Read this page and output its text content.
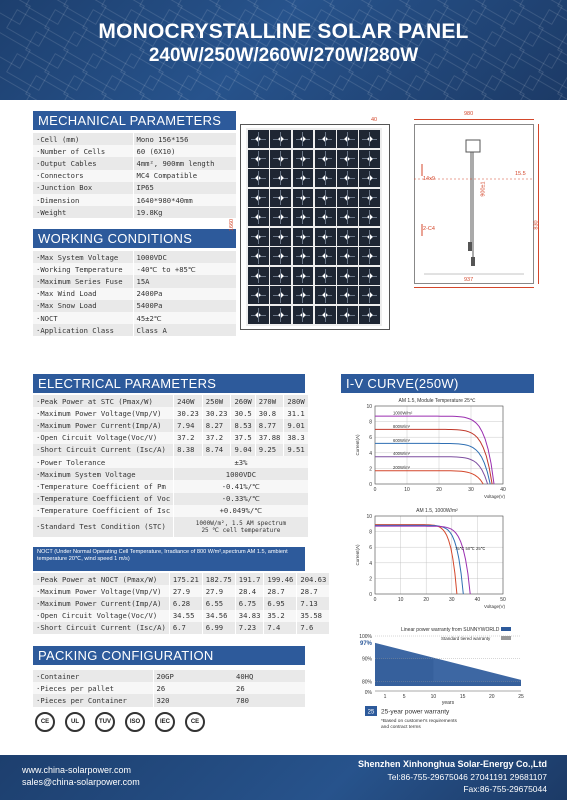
MONOCRYSTALLINE SOLAR PANEL
240W/250W/260W/270W/280W
MECHANICAL PARAMETERS
·Cell (mm)	Mono 156*156
·Number of Cells	60 (6X10)
·Output Cables	4mm², 900mm length
·Connectors	MC4 Compatible
·Junction Box	IP65
·Dimension	1640*980*40mm
·Weight	19.8Kg
WORKING CONDITIONS
·Max System Voltage	1000VDC
·Working Temperature	-40℃ to +85℃
·Maximum Series Fuse	15A
·Max Wind Load	2400Pa
·Max Snow Load	5400Pa
·NOCT	45±2℃
·Application Class	Class A
40
1660
980
830
14x9
900±1
15.5
2-C4
937
ELECTRICAL PARAMETERS
·Peak Power at STC (Pmax/W)	240W	250W	260W	270W	280W
·Maximum Power Voltage(Vmp/V)	30.23	30.23	30.5	30.8	31.1
·Maximum Power Current(Imp/A)	7.94	8.27	8.53	8.77	9.01
·Open Circuit Voltage(Voc/V)	37.2	37.2	37.5	37.88	38.3
·Short Circuit Current (Isc/A)	8.38	8.74	9.04	9.25	9.51
·Power Tolerance	±3%				
·Maximum System Voltage	1000VDC				
·Temperature Coefficient of Pm	-0.41%/℃				
·Temperature Coefficient of Voc	-0.33%/℃				
·Temperature Coefficient of Isc	+0.049%/℃				
·Standard Test Condition (STC)	1000W/m², 1.5 AM spectrum
25 ℃ cell temperature				
NOCT (Under Normal Operating Cell Temperature, Irradiance of 800 W/m²,spectrum AM 1.5, ambient temperature 20℃, wind speed 1 m/s)
·Peak Power at NOCT (Pmax/W)	175.21	182.75	191.7	199.46	204.63
·Maximum Power Voltage(Vmp/V)	27.9	27.9	28.4	28.7	28.7
·Maximum Power Current(Imp/A)	6.28	6.55	6.75	6.95	7.13
·Open Circuit Voltage(Voc/V)	34.55	34.56	34.83	35.2	35.58
·Short Circuit Current (Isc/A)	6.7	6.99	7.23	7.4	7.6
PACKING CONFIGURATION
·Container	20GP	40HQ
·Pieces per pallet	26	26
·Pieces per Container	320	780
CE	UL	TUV	ISO	IEC	CE
I-V CURVE(250W)
AM 1.5, Module Temperature 25℃
0	10	20	30	40
0
2
4
6
8
10
Current(A)
Voltage(V)
1000W/m²
800W/m²
600W/m²
400W/m²
200W/m²
AM 1.5, 1000W/m²
0	10	20	30	40	50
0
2
4
6
8
10
Current(A)
Voltage(V)
75℃ 50℃ 25℃
Linear power warranty from SUNNYWORLD
Standard tiered warranty
80%
90%
100%
97%
0%
1	5	10	15	20	25
years
25 25-year power warranty
*Based on customer's requirements
and contract terms
www.china-solarpower.com
sales@china-solarpower.com
Shenzhen Xinhonghua Solar-Energy Co.,Ltd
Tel:86-755-29675046 27041191 29681107
Fax:86-755-29675044
